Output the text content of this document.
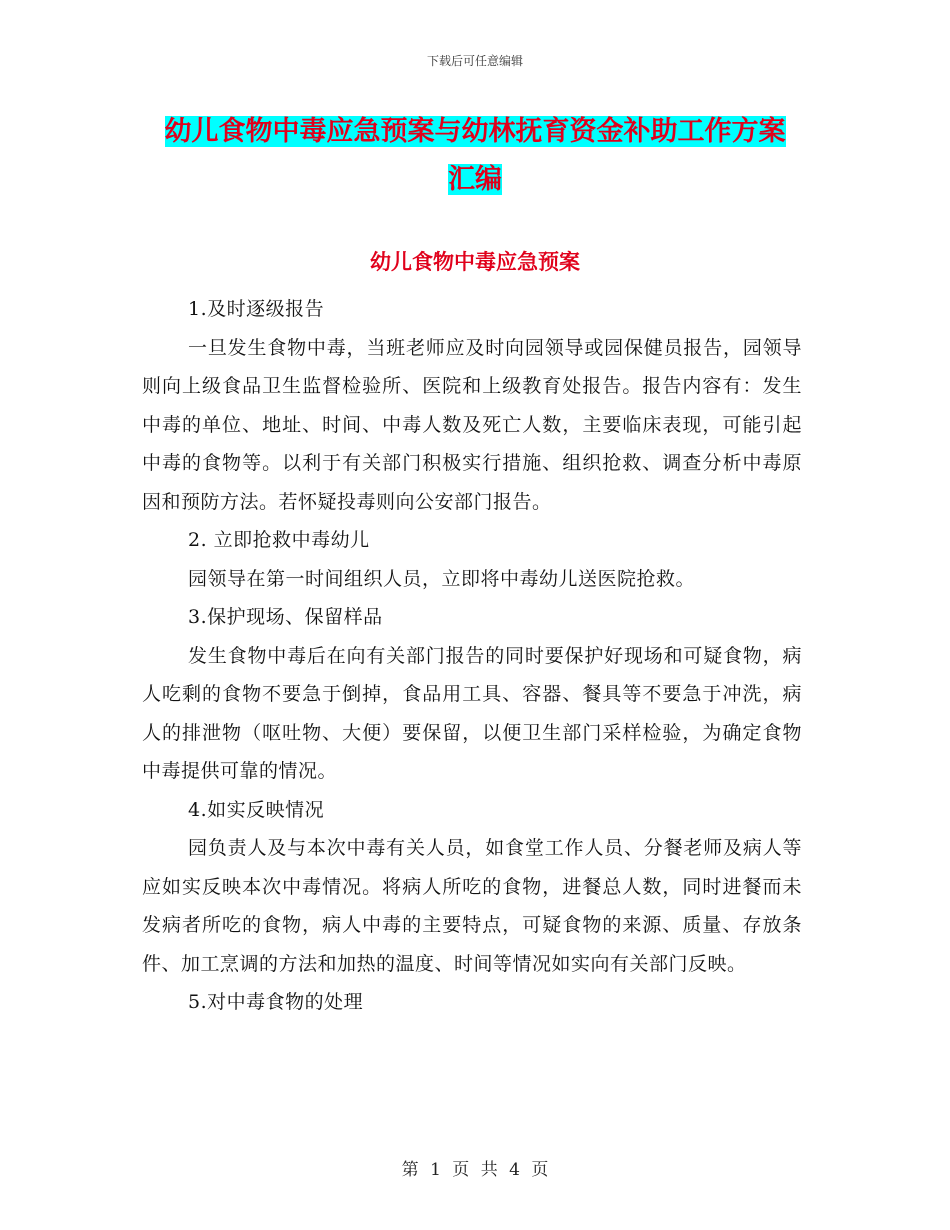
下载后可任意编辑
幼儿食物中毒应急预案与幼林抚育资金补助工作方案
汇编
幼儿食物中毒应急预案

1.及时逐级报告

一旦发生食物中毒，当班老师应及时向园领导或园保健员报告，园领导则向上级食品卫生监督检验所、医院和上级教育处报告。报告内容有：发生中毒的单位、地址、时间、中毒人数及死亡人数，主要临床表现，可能引起中毒的食物等。以利于有关部门积极实行措施、组织抢救、调查分析中毒原因和预防方法。若怀疑投毒则向公安部门报告。

2. 立即抢救中毒幼儿

园领导在第一时间组织人员，立即将中毒幼儿送医院抢救。

3.保护现场、保留样品

发生食物中毒后在向有关部门报告的同时要保护好现场和可疑食物，病人吃剩的食物不要急于倒掉，食品用工具、容器、餐具等不要急于冲洗，病人的排泄物（呕吐物、大便）要保留，以便卫生部门采样检验，为确定食物中毒提供可靠的情况。

4.如实反映情况

园负责人及与本次中毒有关人员，如食堂工作人员、分餐老师及病人等应如实反映本次中毒情况。将病人所吃的食物，进餐总人数，同时进餐而未发病者所吃的食物，病人中毒的主要特点，可疑食物的来源、质量、存放条件、加工烹调的方法和加热的温度、时间等情况如实向有关部门反映。

5.对中毒食物的处理

第 1 页 共 4 页
